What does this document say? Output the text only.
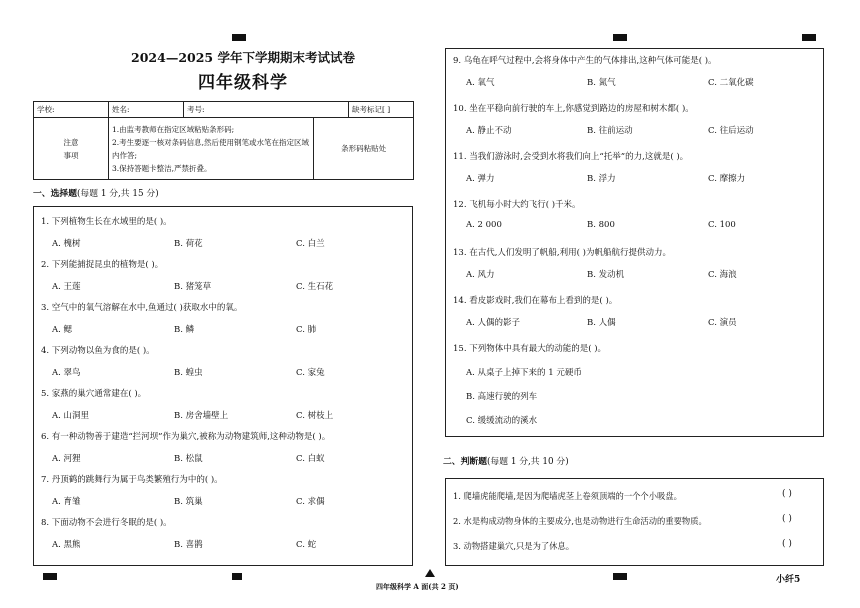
2024—2025 学年下学期期末考试试卷
四年级科学
学校:	姓名:	考号:		缺考标记[ ]
注意事项	1.由监考教师在指定区域粘贴条形码;
2.考生要逐一核对条码信息,然后使用钢笔或水笔在指定区域内作答;
3.保持答题卡整洁,严禁折叠。		条形码粘贴处	
一、选择题(每题 1 分,共 15 分)
1. 下列植物生长在水域里的是( )。
A. 槐树	B. 荷花	C. 白兰
2. 下列能捕捉昆虫的植物是( )。
A. 王莲	B. 猪笼草	C. 生石花
3. 空气中的氧气溶解在水中,鱼通过( )获取水中的氧。
A. 鳃	B. 鳞	C. 肺
4. 下列动物以鱼为食的是( )。
A. 翠鸟	B. 蝗虫	C. 家兔
5. 家燕的巢穴通常建在( )。
A. 山洞里	B. 房舍墙壁上	C. 树枝上
6. 有一种动物善于建造“拦河坝”作为巢穴,被称为动物建筑师,这种动物是( )。
A. 河狸	B. 松鼠	C. 白蚁
7. 丹顶鹤的跳舞行为属于鸟类繁殖行为中的( )。
A. 育雏	B. 筑巢	C. 求偶
8. 下面动物不会进行冬眠的是( )。
A. 黑熊	B. 喜鹊	C. 蛇
9. 乌龟在呼气过程中,会将身体中产生的气体排出,这种气体可能是( )。
A. 氧气	B. 氮气	C. 二氧化碳
10. 坐在平稳向前行驶的车上,你感觉到路边的房屋和树木都( )。
A. 静止不动	B. 往前运动	C. 往后运动
11. 当我们游泳时,会受到水将我们向上“托举”的力,这就是( )。
A. 弹力	B. 浮力	C. 摩擦力
12. 飞机每小时大约飞行( )千米。
A. 2 000	B. 800	C. 100
13. 在古代,人们发明了帆船,利用( )为帆船航行提供动力。
A. 风力	B. 发动机	C. 海浪
14. 看皮影戏时,我们在幕布上看到的是( )。
A. 人偶的影子	B. 人偶	C. 演员
15. 下列物体中具有最大的动能的是( )。
A. 从桌子上掉下来的 1 元硬币
B. 高速行驶的列车
C. 缓缓流动的溪水
二、判断题(每题 1 分,共 10 分)
1. 爬墙虎能爬墙,是因为爬墙虎茎上卷须顶端的一个个小吸盘。	( )
2. 水是构成动物身体的主要成分,也是动物进行生命活动的重要物质。	( )
3. 动物搭建巢穴,只是为了休息。	( )
四年级科学 A 面(共 2 页)
小纤5
